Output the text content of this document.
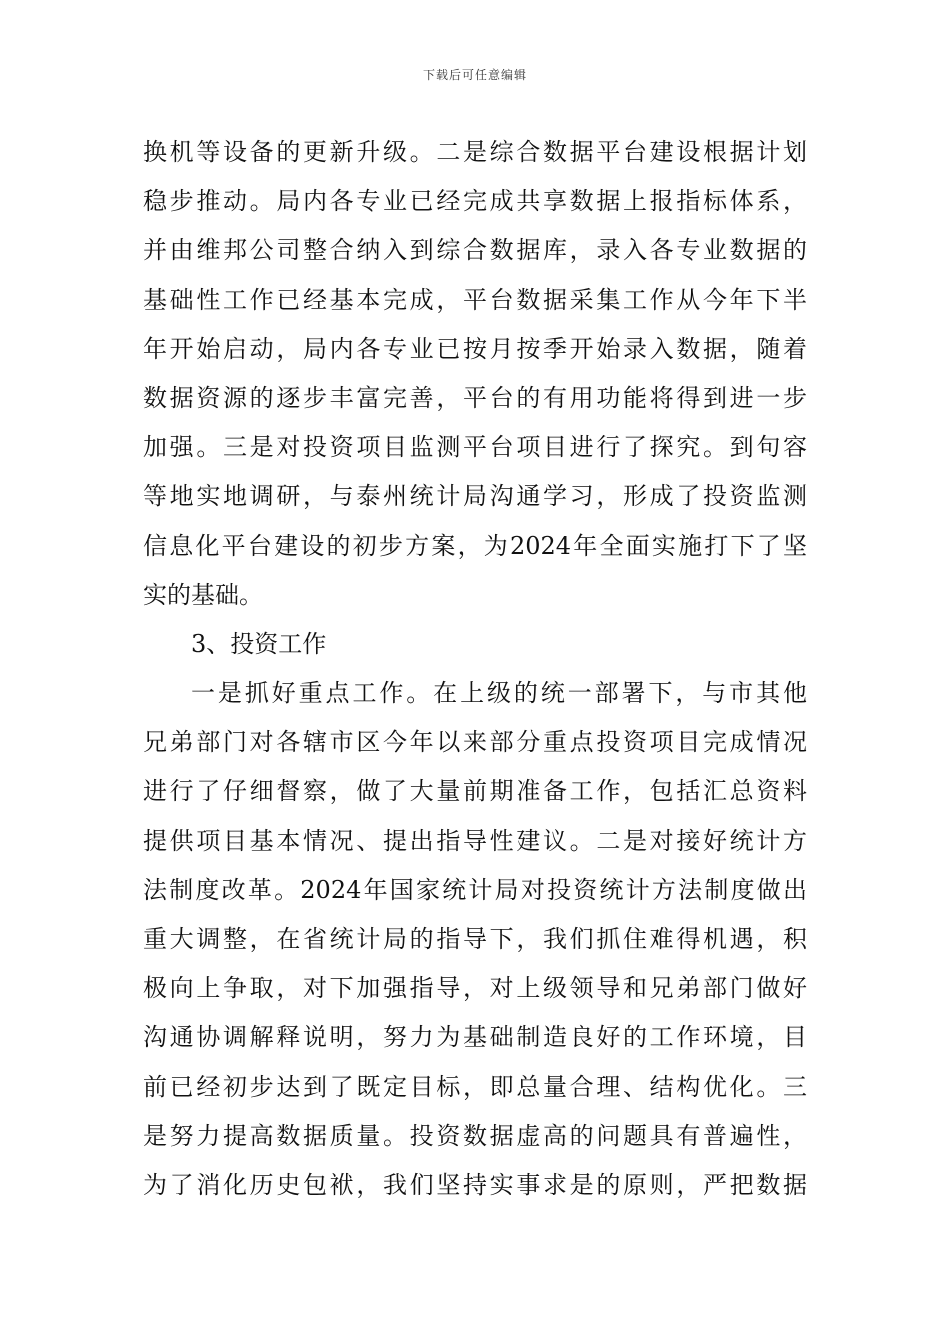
下载后可任意编辑
换机等设备的更新升级。二是综合数据平台建设根据计划
稳步推动。局内各专业已经完成共享数据上报指标体系，
并由维邦公司整合纳入到综合数据库，录入各专业数据的
基础性工作已经基本完成，平台数据采集工作从今年下半
年开始启动，局内各专业已按月按季开始录入数据，随着
数据资源的逐步丰富完善，平台的有用功能将得到进一步
加强。三是对投资项目监测平台项目进行了探究。到句容
等地实地调研，与泰州统计局沟通学习，形成了投资监测
信息化平台建设的初步方案，为2024年全面实施打下了坚
实的基础。
3、投资工作
一是抓好重点工作。在上级的统一部署下，与市其他
兄弟部门对各辖市区今年以来部分重点投资项目完成情况
进行了仔细督察，做了大量前期准备工作，包括汇总资料
提供项目基本情况、提出指导性建议。二是对接好统计方
法制度改革。2024年国家统计局对投资统计方法制度做出
重大调整，在省统计局的指导下，我们抓住难得机遇，积
极向上争取，对下加强指导，对上级领导和兄弟部门做好
沟通协调解释说明，努力为基础制造良好的工作环境，目
前已经初步达到了既定目标，即总量合理、结构优化。三
是努力提高数据质量。投资数据虚高的问题具有普遍性，
为了消化历史包袱，我们坚持实事求是的原则，严把数据
